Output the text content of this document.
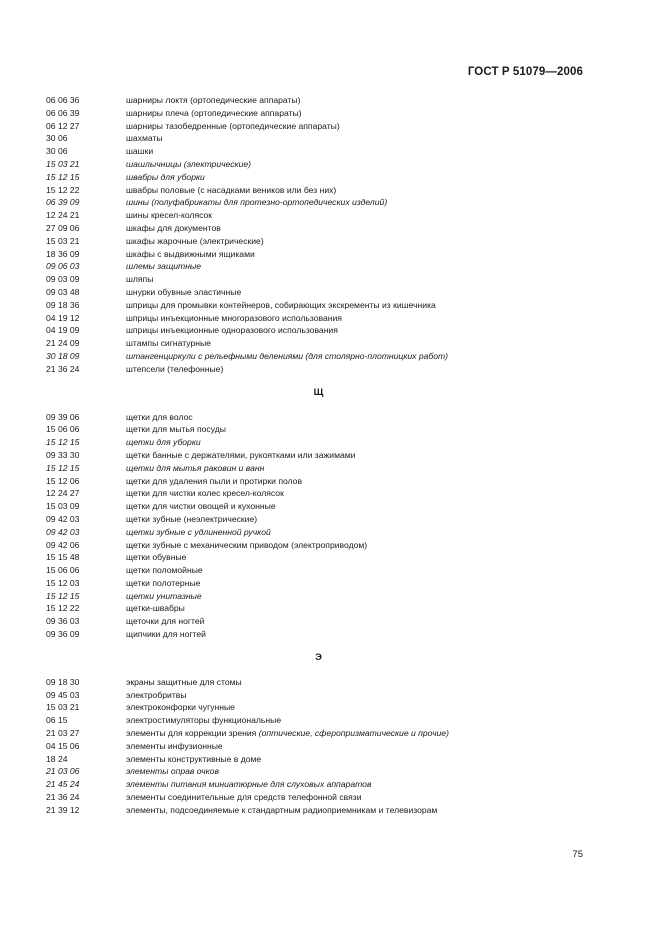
ГОСТ Р 51079—2006
06 06 36	шарниры локтя (ортопедические аппараты)
06 06 39	шарниры плеча (ортопедические аппараты)
06 12 27	шарниры тазобедренные (ортопедические аппараты)
30 06	шахматы
30 06	шашки
15 03 21	шашлычницы (электрические)
15 12 15	швабры для уборки
15 12 22	швабры половые (с насадками веников или без них)
06 39 09	шины (полуфабрикаты для протезно-ортопедических изделий)
12 24 21	шины кресел-колясок
27 09 06	шкафы для документов
15 03 21	шкафы жарочные (электрические)
18 36 09	шкафы с выдвижными ящиками
09 06 03	шлемы защитные
09 03 09	шляпы
09 03 48	шнурки обувные эластичные
09 18 36	шприцы для промывки контейнеров, собирающих экскременты из кишечника
04 19 12	шприцы инъекционные многоразового использования
04 19 09	шприцы инъекционные одноразового использования
21 24 09	штампы сигнатурные
30 18 09	штангенциркули с рельефными делениями (для столярно-плотницких работ)
21 36 24	штепсели (телефонные)
Щ
09 39 06	щетки для волос
15 06 06	щетки для мытья посуды
15 12 15	щетки для уборки
09 33 30	щетки банные с держателями, рукоятками или зажимами
15 12 15	щетки для мытья раковин и ванн
15 12 06	щетки для удаления пыли и протирки полов
12 24 27	щетки для чистки колес кресел-колясок
15 03 09	щетки для чистки овощей и кухонные
09 42 03	щетки зубные (неэлектрические)
09 42 03	щетки зубные с удлиненной ручкой
09 42 06	щетки зубные с механическим приводом (электроприводом)
15 15 48	щетки обувные
15 06 06	щетки поломойные
15 12 03	щетки полотерные
15 12 15	щетки унитазные
15 12 22	щетки-швабры
09 36 03	щеточки для ногтей
09 36 09	щипчики для ногтей
Э
09 18 30	экраны защитные для стомы
09 45 03	электробритвы
15 03 21	электроконфорки чугунные
06 15	электростимуляторы функциональные
21 03 27	элементы для коррекции зрения (оптические, сферопризматические и прочие)
04 15 06	элементы инфузионные
18 24	элементы конструктивные в доме
21 03 06	элементы оправ очков
21 45 24	элементы питания миниатюрные для слуховых аппаратов
21 36 24	элементы соединительные для средств телефонной связи
21 39 12	элементы, подсоединяемые к стандартным радиоприемникам и телевизорам
75
